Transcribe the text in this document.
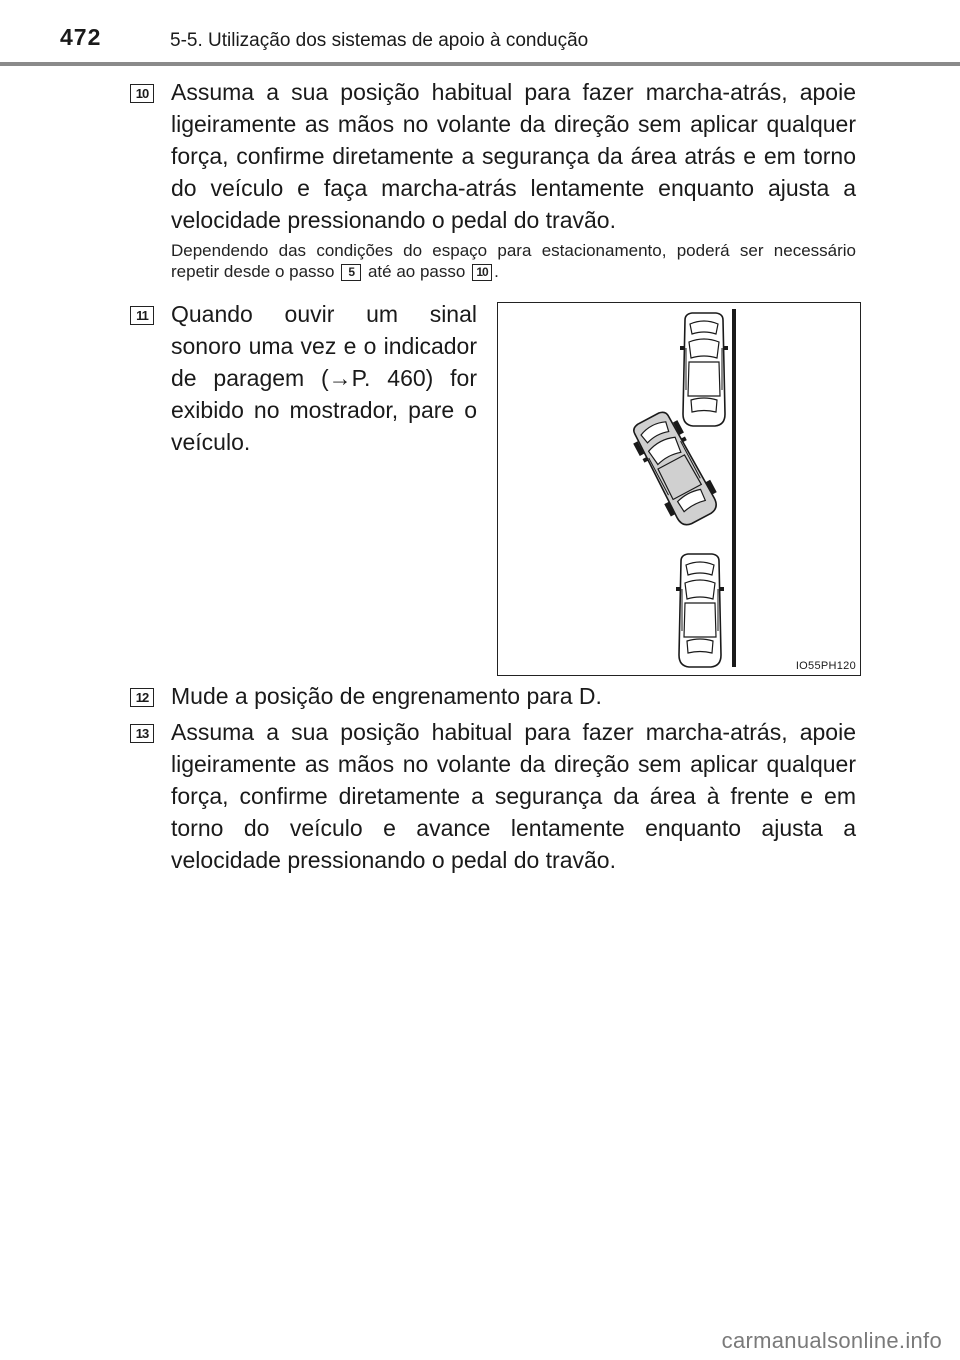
472	5-5. Utilização dos sistemas de apoio à condução
10 Assuma a sua posição habitual para fazer marcha-atrás, apoie ligeiramente as mãos no volante da direção sem aplicar qualquer força, confirme diretamente a segurança da área atrás e em torno do veículo e faça marcha-atrás lentamente enquanto ajusta a velocidade pressionando o pedal do travão.

Dependendo das condições do espaço para estacionamento, poderá ser necessário repetir desde o passo 5 até ao passo 10 .

11 Quando ouvir um sinal sonoro uma vez e o indicador de paragem (→P. 460) for exibido no mostrador, pare o veículo.

IO55PH120
12 Mude a posição de engrenamento para D.

13 Assuma a sua posição habitual para fazer marcha-atrás, apoie ligeiramente as mãos no volante da direção sem aplicar qualquer força, confirme diretamente a segurança da área à frente e em torno do veículo e avance lentamente enquanto ajusta a velocidade pressionando o pedal do travão.

carmanualsonline.info
